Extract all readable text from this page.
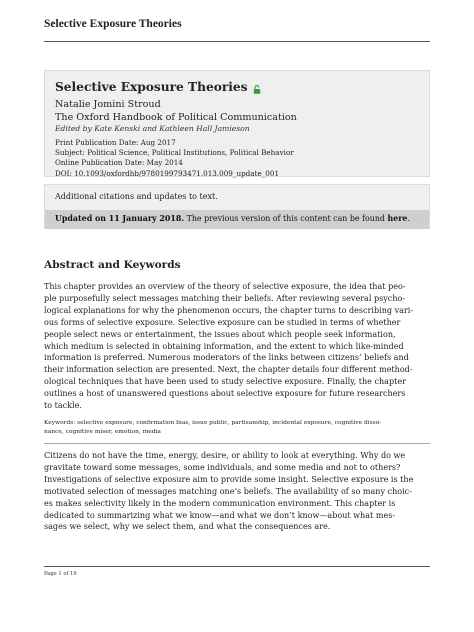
Selective Exposure Theories
Selective Exposure Theories
Natalie Jomini Stroud
The Oxford Handbook of Political Communication
Edited by Kate Kenski and Kathleen Hall Jamieson
Print Publication Date: Aug 2017
Subject: Political Science, Political Institutions, Political Behavior
Online Publication Date: May 2014
DOI: 10.1093/oxfordhb/9780199793471.013.009_update_001
Additional citations and updates to text.
Updated on 11 January 2018. The previous version of this content can be found here.
Abstract and Keywords
This chapter provides an overview of the theory of selective exposure, the idea that peo‐
ple purposefully select messages matching their beliefs. After reviewing several psycho‐
logical explanations for why the phenomenon occurs, the chapter turns to describing vari‐
ous forms of selective exposure. Selective exposure can be studied in terms of whether
people select news or entertainment, the issues about which people seek information,
which medium is selected in obtaining information, and the extent to which like-minded
information is preferred. Numerous moderators of the links between citizens’ beliefs and
their information selection are presented. Next, the chapter details four different method‐
ological techniques that have been used to study selective exposure. Finally, the chapter
outlines a host of unanswered questions about selective exposure for future researchers
to tackle.
Keywords: selective exposure, confirmation bias, issue public, partisanship, incidental exposure, cognitive disso‐
nance, cognitive miser, emotion, media
Citizens do not have the time, energy, desire, or ability to look at everything. Why do we
gravitate toward some messages, some individuals, and some media and not to others?
Investigations of selective exposure aim to provide some insight. Selective exposure is the
motivated selection of messages matching one’s beliefs. The availability of so many choic‐
es makes selectivity likely in the modern communication environment. This chapter is
dedicated to summarizing what we know—and what we don’t know—about what mes‐
sages we select, why we select them, and what the consequences are.
Page 1 of 19
